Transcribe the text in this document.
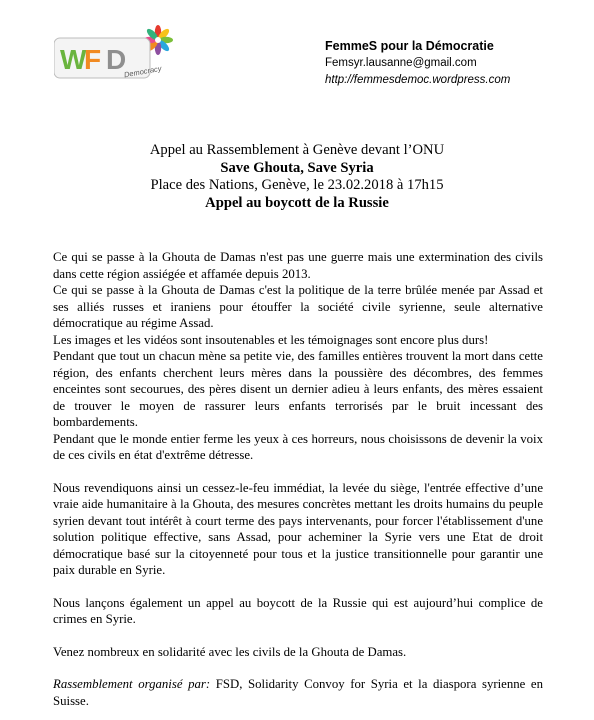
W
F D
Democracy
FemmeS pour la Démocratie
Femsyr.lausanne@gmail.com
http://femmesdemoc.wordpress.com
Appel au Rassemblement à Genève devant l’ONU
Save Ghouta, Save Syria
Place des Nations, Genève, le 23.02.2018 à 17h15
Appel au boycott de la Russie

Ce qui se passe à la Ghouta de Damas n'est pas une guerre mais une extermination des civils dans cette région assiégée et affamée depuis 2013.

Ce qui se passe à la Ghouta de Damas c'est la politique de la terre brûlée menée par Assad et ses alliés russes et iraniens pour étouffer la société civile syrienne, seule alternative démocratique au régime Assad.

Les images et les vidéos sont insoutenables et les témoignages sont encore plus durs!

Pendant que tout un chacun mène sa petite vie, des familles entières trouvent la mort dans cette région, des enfants cherchent leurs mères dans la poussière des décombres, des femmes enceintes sont secourues, des pères disent un dernier adieu à leurs enfants, des mères essaient de trouver le moyen de rassurer leurs enfants terrorisés par le bruit incessant des bombardements.

Pendant que le monde entier ferme les yeux à ces horreurs, nous choisissons de devenir la voix de ces civils en état d'extrême détresse.

Nous revendiquons ainsi un cessez-le-feu immédiat, la levée du siège, l'entrée effective d’une vraie aide humanitaire à la Ghouta, des mesures concrètes mettant les droits humains du peuple syrien devant tout intérêt à court terme des pays intervenants, pour forcer l'établissement d'une solution politique effective, sans Assad, pour acheminer la Syrie vers une Etat de droit démocratique basé sur la citoyenneté pour tous et la justice transitionnelle pour garantir une paix durable en Syrie.

Nous lançons également un appel au boycott de la Russie qui est aujourd’hui complice de crimes en Syrie.

Venez nombreux en solidarité avec les civils de la Ghouta de Damas.

Rassemblement organisé par: FSD, Solidarity Convoy for Syria et la diaspora syrienne en Suisse.
